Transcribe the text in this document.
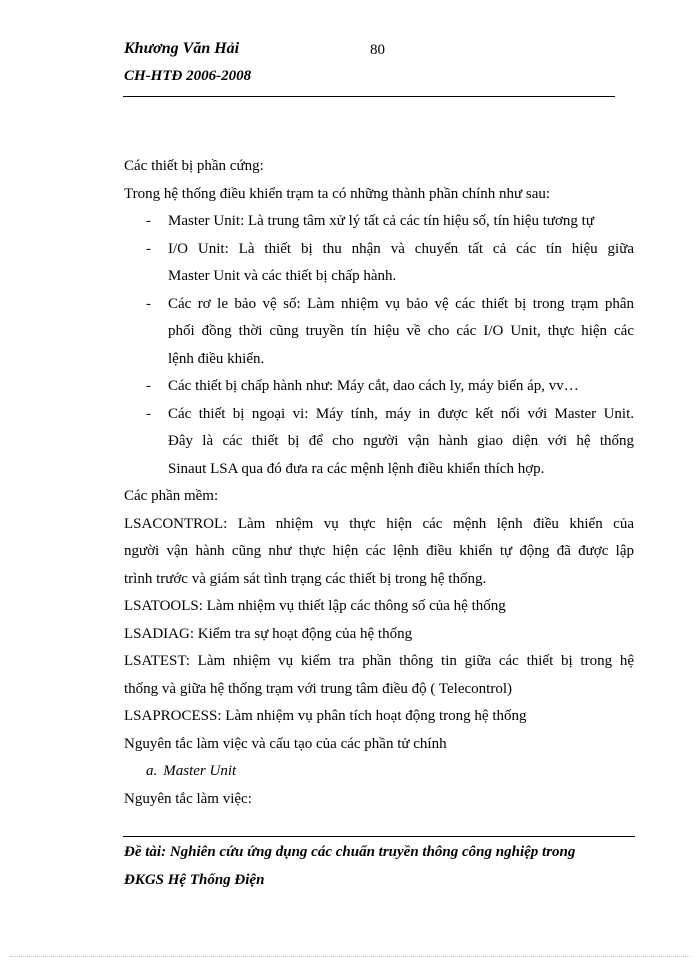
Khương Văn Hải	80
CH-HTĐ 2006-2008
Các thiết bị phần cứng:
Trong hệ thống điều khiển trạm ta có những thành phần chính như sau:
- Master Unit: Là trung tâm xử lý tất cả các tín hiệu số, tín hiệu tương tự
- I/O Unit: Là thiết bị thu nhận và chuyển tất cả các tín hiệu giữa
Master Unit và các thiết bị chấp hành.
- Các rơ le bảo vệ số: Làm nhiệm vụ bảo vệ các thiết bị trong trạm phân
phối đồng thời cũng truyền tín hiệu về cho các I/O Unit, thực hiện các
lệnh điều khiển.
- Các thiết bị chấp hành như: Máy cắt, dao cách ly, máy biến áp, vv…
- Các thiết bị ngoại vi: Máy tính, máy in được kết nối với Master Unit.
Đây là các thiết bị để cho người vận hành giao diện với hệ thống
Sinaut LSA qua đó đưa ra các mệnh lệnh điều khiển thích hợp.
Các phần mềm:
LSACONTROL: Làm nhiệm vụ thực hiện các mệnh lệnh điều khiển của
người vận hành cũng như thực hiện các lệnh điều khiển tự động đã được lập
trình trước và giám sát tình trạng các thiết bị trong hệ thống.
LSATOOLS: Làm nhiệm vụ thiết lập các thông số của hệ thống
LSADIAG: Kiểm tra sự hoạt động của hệ thống
LSATEST: Làm nhiệm vụ kiểm tra phần thông tin giữa các thiết bị trong hệ
thống và giữa hệ thống trạm với trung tâm điều độ ( Telecontrol)
LSAPROCESS: Làm nhiệm vụ phân tích hoạt động trong hệ thống
Nguyên tắc làm việc và cấu tạo của các phần tử chính
a. Master Unit
Nguyên tắc làm việc:
Đề tài: Nghiên cứu ứng dụng các chuẩn truyền thông công nghiệp trong
ĐKGS Hệ Thống Điện
